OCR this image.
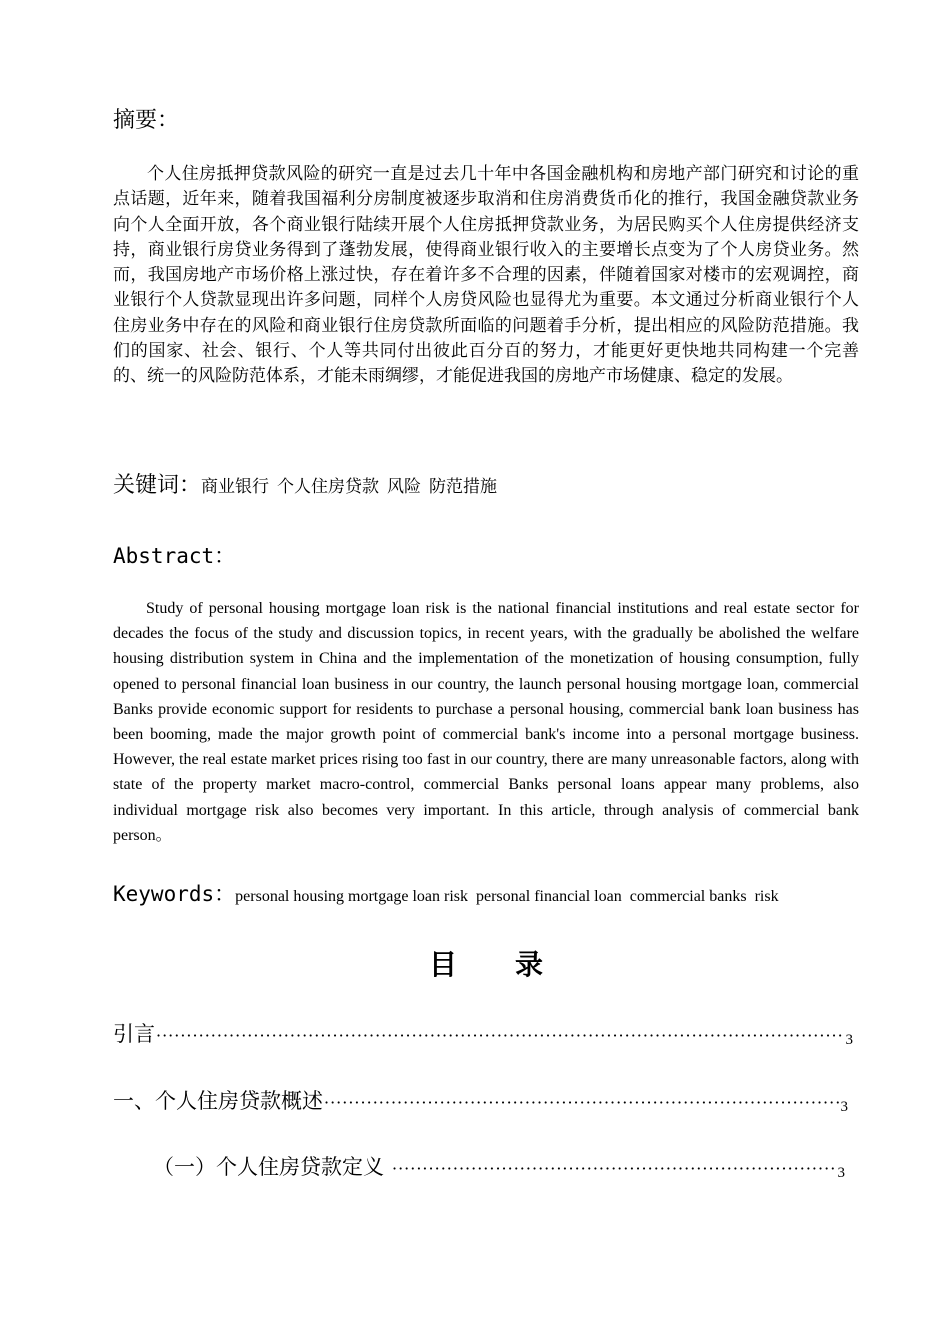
摘要：

个人住房抵押贷款风险的研究一直是过去几十年中各国金融机构和房地产部门研究和讨论的重点话题，近年来，随着我国福利分房制度被逐步取消和住房消费货币化的推行，我国金融贷款业务向个人全面开放，各个商业银行陆续开展个人住房抵押贷款业务，为居民购买个人住房提供经济支持，商业银行房贷业务得到了蓬勃发展，使得商业银行收入的主要增长点变为了个人房贷业务。然而，我国房地产市场价格上涨过快，存在着许多不合理的因素，伴随着国家对楼市的宏观调控，商业银行个人贷款显现出许多问题，同样个人房贷风险也显得尤为重要。本文通过分析商业银行个人住房业务中存在的风险和商业银行住房贷款所面临的问题着手分析，提出相应的风险防范措施。我们的国家、社会、银行、个人等共同付出彼此百分百的努力，才能更好更快地共同构建一个完善的、统一的风险防范体系，才能未雨绸缪，才能促进我国的房地产市场健康、稳定的发展。

关键词：商业银行 个人住房贷款 风险 防范措施
Abstract：

Study of personal housing mortgage loan risk is the national financial institutions and real estate sector for decades the focus of the study and discussion topics, in recent years, with the gradually be abolished the welfare housing distribution system in China and the implementation of the monetization of housing consumption, fully opened to personal financial loan business in our country, the launch personal housing mortgage loan, commercial Banks provide economic support for residents to purchase a personal housing, commercial bank loan business has been booming, made the major growth point of commercial bank's income into a personal mortgage business. However, the real estate market prices rising too fast in our country, there are many unreasonable factors, along with state of the property market macro-control, commercial Banks personal loans appear many problems, also individual mortgage risk also becomes very important. In this article, through analysis of commercial bank person。

Keywords：personal housing mortgage loan risk personal financial loan commercial banks risk
目录
引言 ·····	3
一、个人住房贷款概述 ·····	3
（一）个人住房贷款定义 ·····	3
